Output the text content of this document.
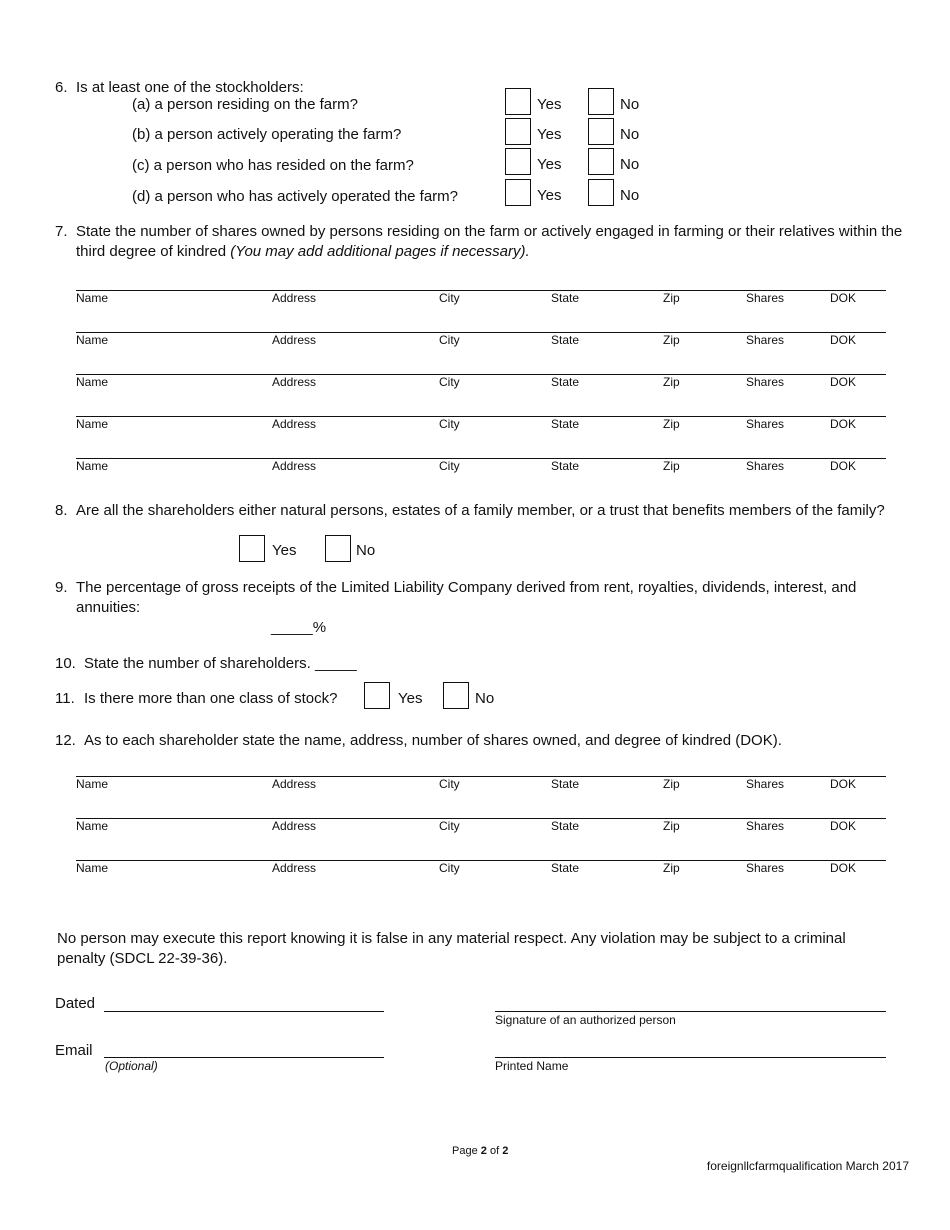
6. Is at least one of the stockholders:
(a) a person residing on the farm?	Yes	No
(b) a person actively operating the farm?	Yes	No
(c) a person who has resided on the farm?	Yes	No
(d) a person who has actively operated the farm?	Yes	No
7. State the number of shares owned by persons residing on the farm or actively engaged in farming or their relatives within the third degree of kindred (You may add additional pages if necessary).
Name	Address	City	State	Zip	Shares	DOK
Name	Address	City	State	Zip	Shares	DOK
Name	Address	City	State	Zip	Shares	DOK
Name	Address	City	State	Zip	Shares	DOK
Name	Address	City	State	Zip	Shares	DOK
8. Are all the shareholders either natural persons, estates of a family member, or a trust that benefits members of the family?
Yes	No
9. The percentage of gross receipts of the Limited Liability Company derived from rent, royalties, dividends, interest, and annuities:
_____%
10. State the number of shareholders. _____
11. Is there more than one class of stock?	Yes	No
12. As to each shareholder state the name, address, number of shares owned, and degree of kindred (DOK).
Name	Address	City	State	Zip	Shares	DOK
Name	Address	City	State	Zip	Shares	DOK
Name	Address	City	State	Zip	Shares	DOK
No person may execute this report knowing it is false in any material respect. Any violation may be subject to a criminal penalty (SDCL 22-39-36).
Dated
Signature of an authorized person
Email
(Optional)	Printed Name
Page 2 of 2
foreignllcfarmqualification March 2017
